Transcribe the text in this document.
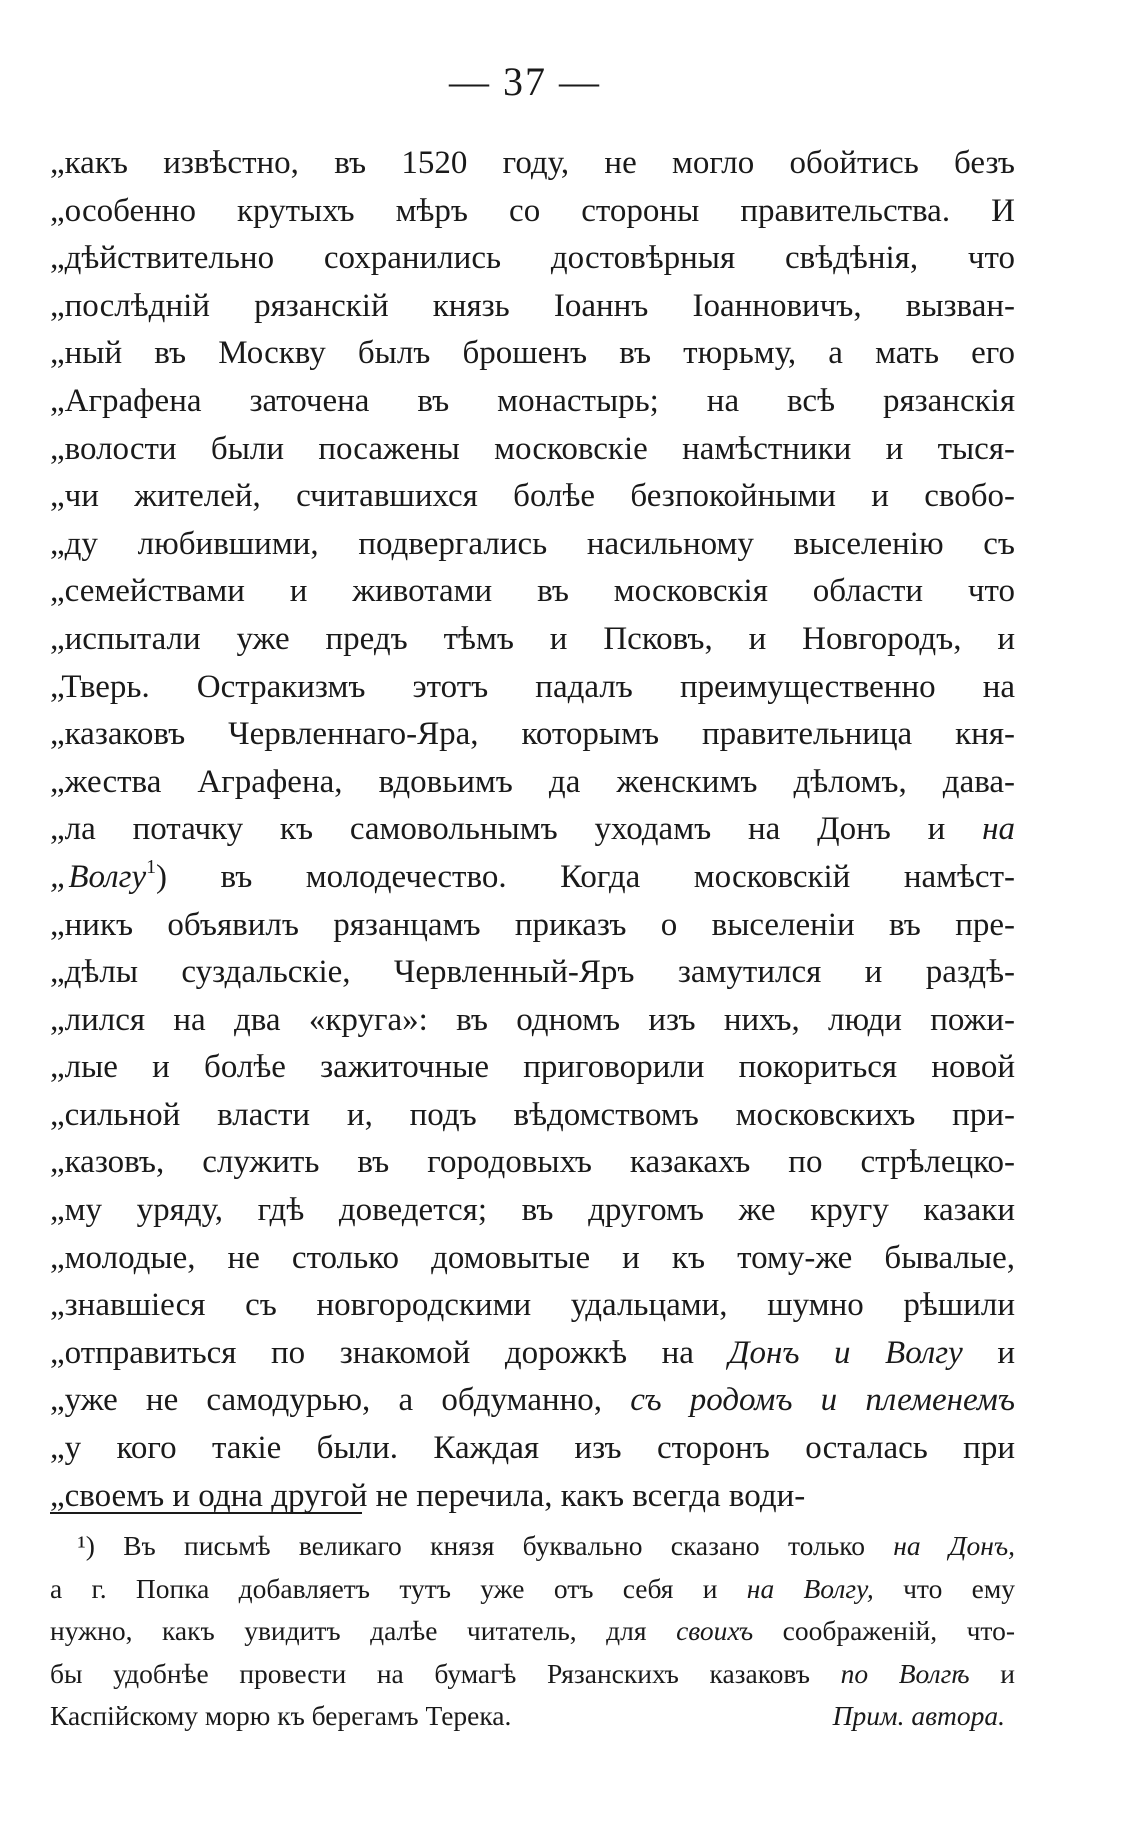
— 37 —
„какъ извѣстно, въ 1520 году, не могло обойтись безъ
„особенно крутыхъ мѣръ со стороны правительства. И
„дѣйствительно сохранились достовѣрныя свѣдѣнія, что
„послѣдній рязанскій князь Іоаннъ Іоанновичъ, вызван-
„ный въ Москву былъ брошенъ въ тюрьму, а мать его
„Аграфена заточена въ монастырь; на всѣ рязанскія
„волости были посажены московскіе намѣстники и тыся-
„чи жителей, считавшихся болѣе безпокойными и свобо-
„ду любившими, подвергались насильному выселенію съ
„семействами и животами въ московскія области что
„испытали уже предъ тѣмъ и Псковъ, и Новгородъ, и
„Тверь. Остракизмъ этотъ падалъ преимущественно на
„казаковъ Червленнаго-Яра, которымъ правительница кня-
„жества Аграфена, вдовьимъ да женскимъ дѣломъ, дава-
„ла потачку къ самовольнымъ уходамъ на Донъ и на
„Волгу$^1$) въ молодечество. Когда московскій намѣст-
„никъ объявилъ рязанцамъ приказъ о выселеніи въ пре-
„дѣлы суздальскіе, Червленный-Яръ замутился и раздѣ-
„лился на два «круга»: въ одномъ изъ нихъ, люди пожи-
„лые и болѣе зажиточные приговорили покориться новой
„сильной власти и, подъ вѣдомствомъ московскихъ при-
„казовъ, служить въ городовыхъ казакахъ по стрѣлецко-
„му уряду, гдѣ доведется; въ другомъ же кругу казаки
„молодые, не столько домовытые и къ тому-же бывалые,
„знавшіеся съ новгородскими удальцами, шумно рѣшили
„отправиться по знакомой дорожкѣ на Донъ и Волгу и
„уже не самодурью, а обдуманно, съ родомъ и племенемъ
„у кого такіе были. Каждая изъ сторонъ осталась при
„своемъ и одна другой не перечила, какъ всегда води-
 ¹) Въ письмѣ великаго князя буквально сказано только на Донъ,
а г. Попка добавляетъ тутъ уже отъ себя и на Волгу, что ему
нужно, какъ увидитъ далѣе читатель, для своихъ соображеній, что-
бы удобнѣе провести на бумагѣ Рязанскихъ казаковъ по Волгѣ и
Каспійскому морю къ берегамъ Терека.	Прим. автора.
